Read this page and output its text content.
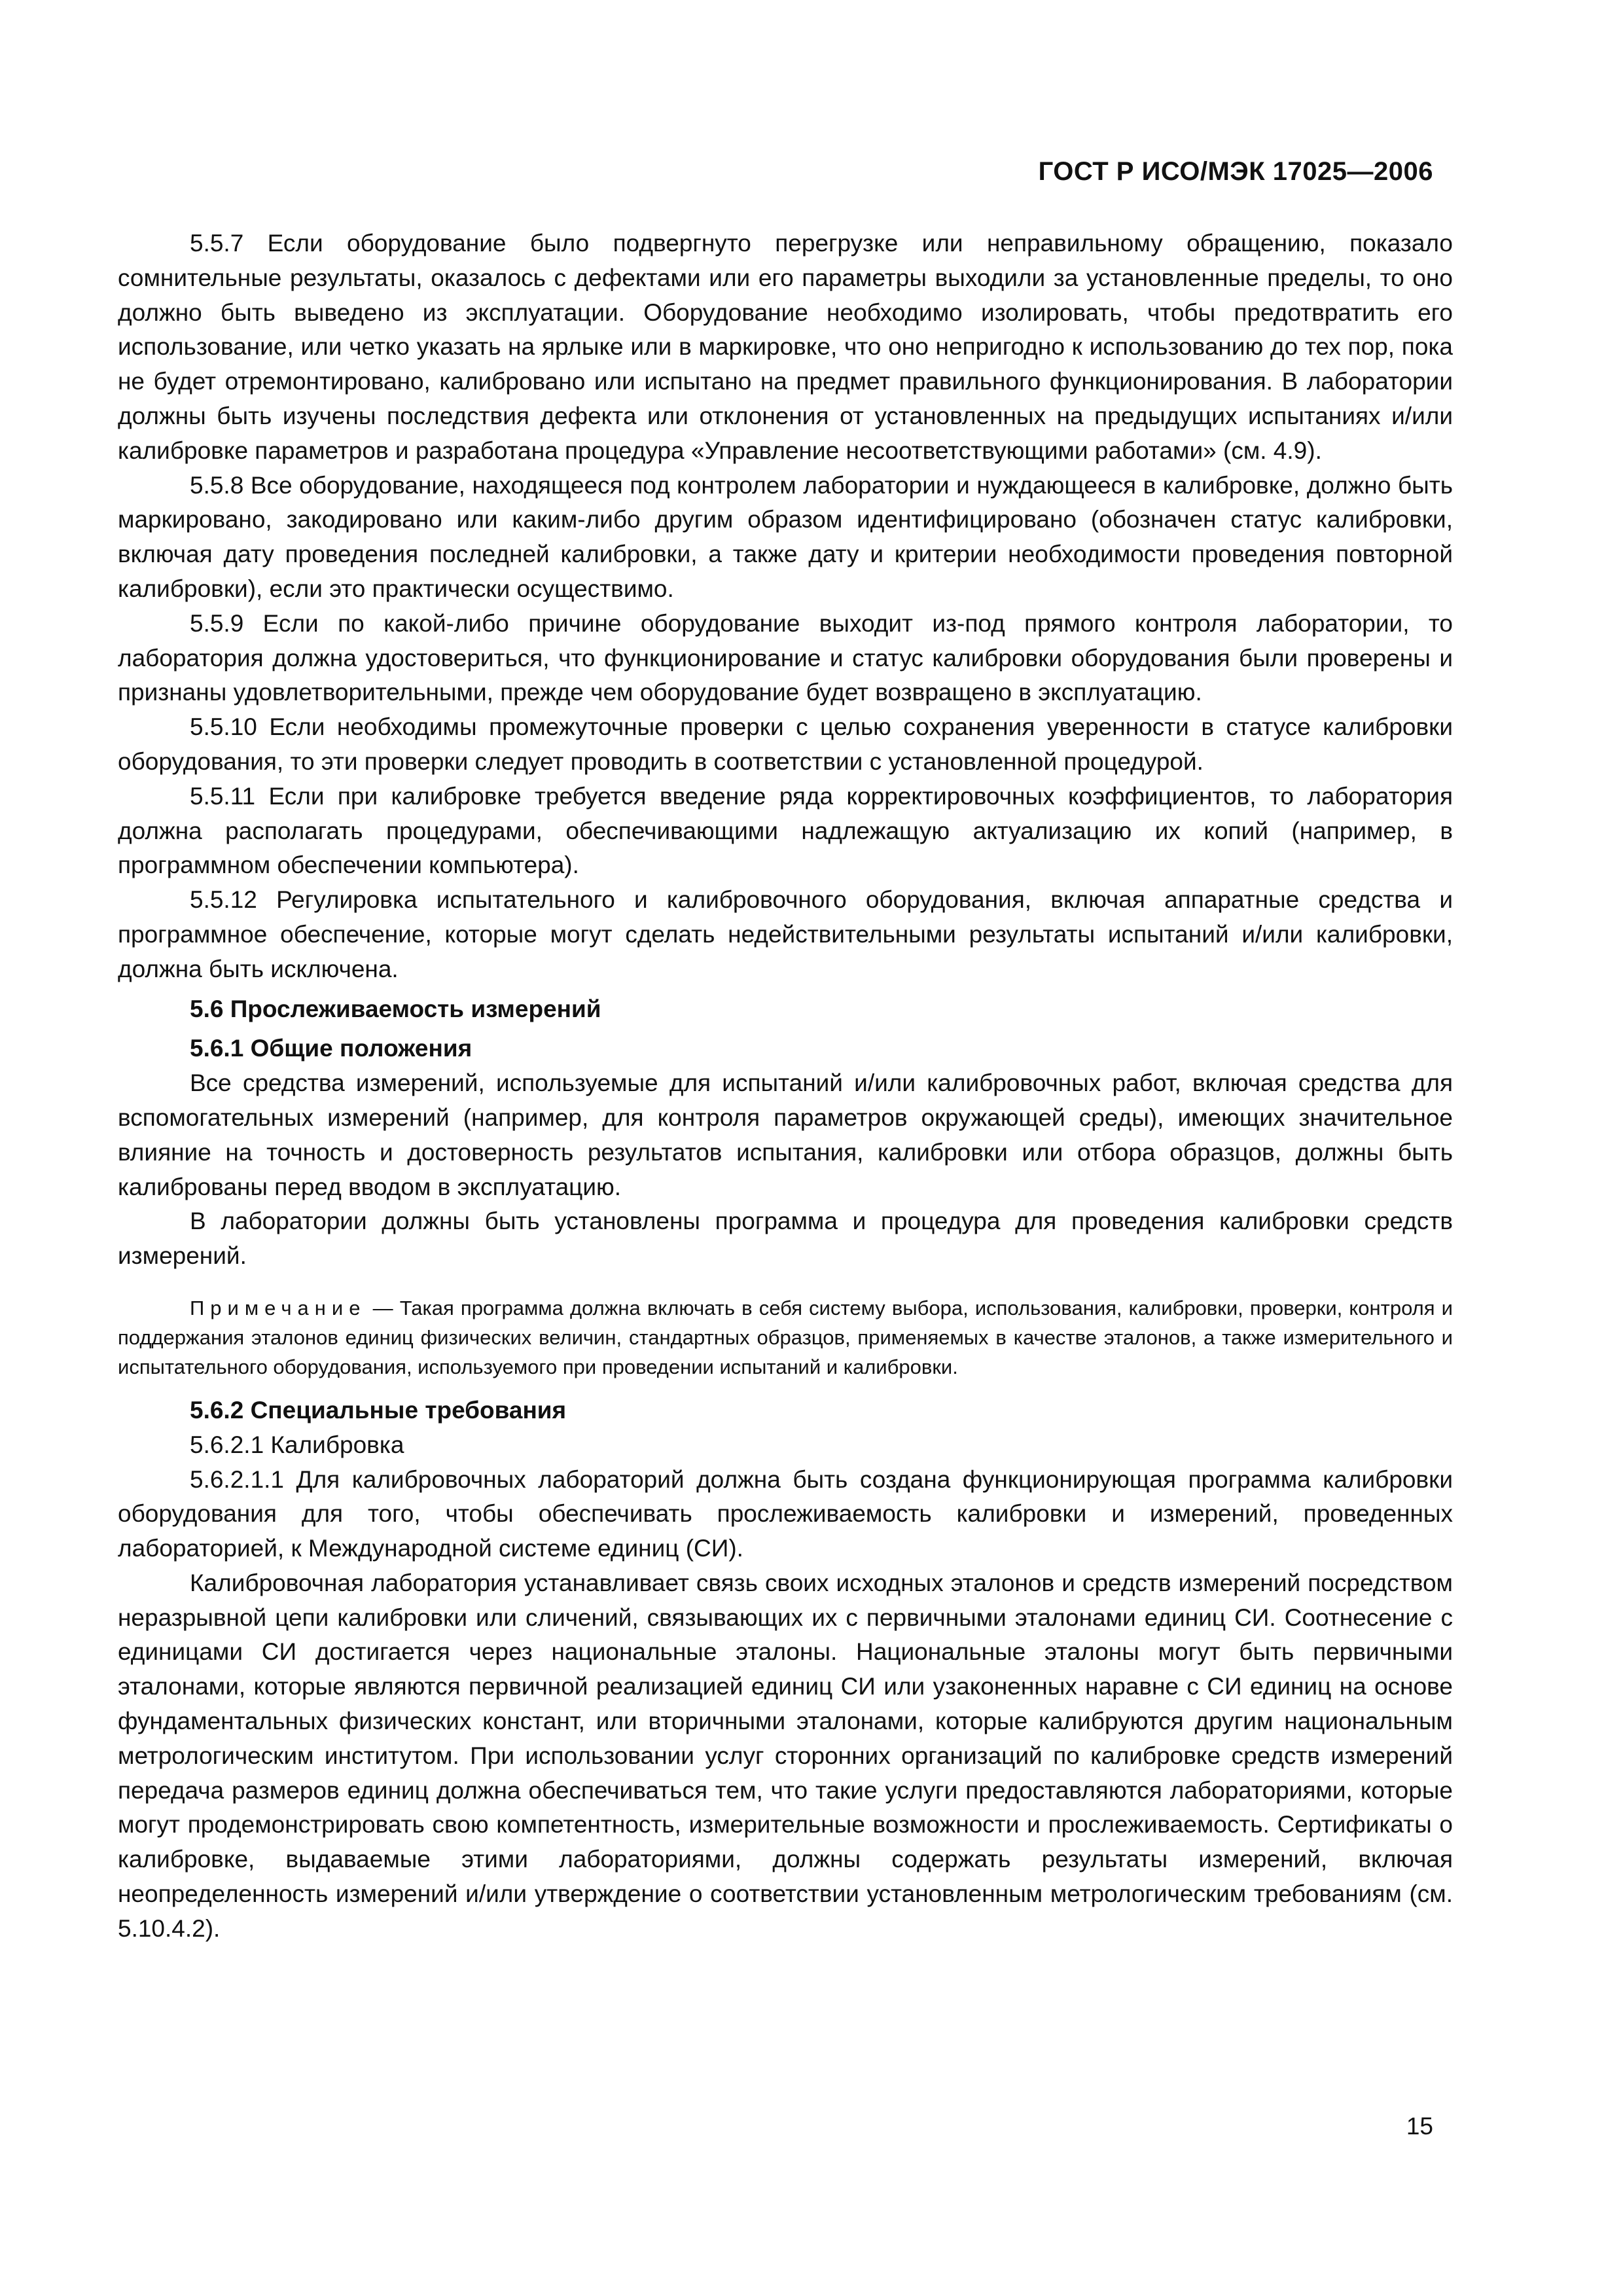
ГОСТ Р ИСО/МЭК 17025—2006

5.5.7 Если оборудование было подвергнуто перегрузке или неправильному обращению, показало сомнительные результаты, оказалось с дефектами или его параметры выходили за установленные пределы, то оно должно быть выведено из эксплуатации. Оборудование необходимо изолировать, чтобы предотвратить его использование, или четко указать на ярлыке или в маркировке, что оно непригодно к использованию до тех пор, пока не будет отремонтировано, калибровано или испытано на предмет правильного функционирования. В лаборатории должны быть изучены последствия дефекта или отклонения от установленных на предыдущих испытаниях и/или калибровке параметров и разработана процедура «Управление несоответствующими работами» (см. 4.9).

5.5.8 Все оборудование, находящееся под контролем лаборатории и нуждающееся в калибровке, должно быть маркировано, закодировано или каким-либо другим образом идентифицировано (обозначен статус калибровки, включая дату проведения последней калибровки, а также дату и критерии необходимости проведения повторной калибровки), если это практически осуществимо.

5.5.9 Если по какой-либо причине оборудование выходит из-под прямого контроля лаборатории, то лаборатория должна удостовериться, что функционирование и статус калибровки оборудования были проверены и признаны удовлетворительными, прежде чем оборудование будет возвращено в эксплуатацию.

5.5.10 Если необходимы промежуточные проверки с целью сохранения уверенности в статусе калибровки оборудования, то эти проверки следует проводить в соответствии с установленной процедурой.

5.5.11 Если при калибровке требуется введение ряда корректировочных коэффициентов, то лаборатория должна располагать процедурами, обеспечивающими надлежащую актуализацию их копий (например, в программном обеспечении компьютера).

5.5.12 Регулировка испытательного и калибровочного оборудования, включая аппаратные средства и программное обеспечение, которые могут сделать недействительными результаты испытаний и/или калибровки, должна быть исключена.

5.6 Прослеживаемость измерений

5.6.1 Общие положения

Все средства измерений, используемые для испытаний и/или калибровочных работ, включая средства для вспомогательных измерений (например, для контроля параметров окружающей среды), имеющих значительное влияние на точность и достоверность результатов испытания, калибровки или отбора образцов, должны быть калиброваны перед вводом в эксплуатацию.

В лаборатории должны быть установлены программа и процедура для проведения калибровки средств измерений.

Примечание — Такая программа должна включать в себя систему выбора, использования, калибровки, проверки, контроля и поддержания эталонов единиц физических величин, стандартных образцов, применяемых в качестве эталонов, а также измерительного и испытательного оборудования, используемого при проведении испытаний и калибровки.

5.6.2 Специальные требования

5.6.2.1 Калибровка

5.6.2.1.1 Для калибровочных лабораторий должна быть создана функционирующая программа калибровки оборудования для того, чтобы обеспечивать прослеживаемость калибровки и измерений, проведенных лабораторией, к Международной системе единиц (СИ).

Калибровочная лаборатория устанавливает связь своих исходных эталонов и средств измерений посредством неразрывной цепи калибровки или сличений, связывающих их с первичными эталонами единиц СИ. Соотнесение с единицами СИ достигается через национальные эталоны. Национальные эталоны могут быть первичными эталонами, которые являются первичной реализацией единиц СИ или узаконенных наравне с СИ единиц на основе фундаментальных физических констант, или вторичными эталонами, которые калибруются другим национальным метрологическим институтом. При использовании услуг сторонних организаций по калибровке средств измерений передача размеров единиц должна обеспечиваться тем, что такие услуги предоставляются лабораториями, которые могут продемонстрировать свою компетентность, измерительные возможности и прослеживаемость. Сертификаты о калибровке, выдаваемые этими лабораториями, должны содержать результаты измерений, включая неопределенность измерений и/или утверждение о соответствии установленным метрологическим требованиям (см. 5.10.4.2).

15
